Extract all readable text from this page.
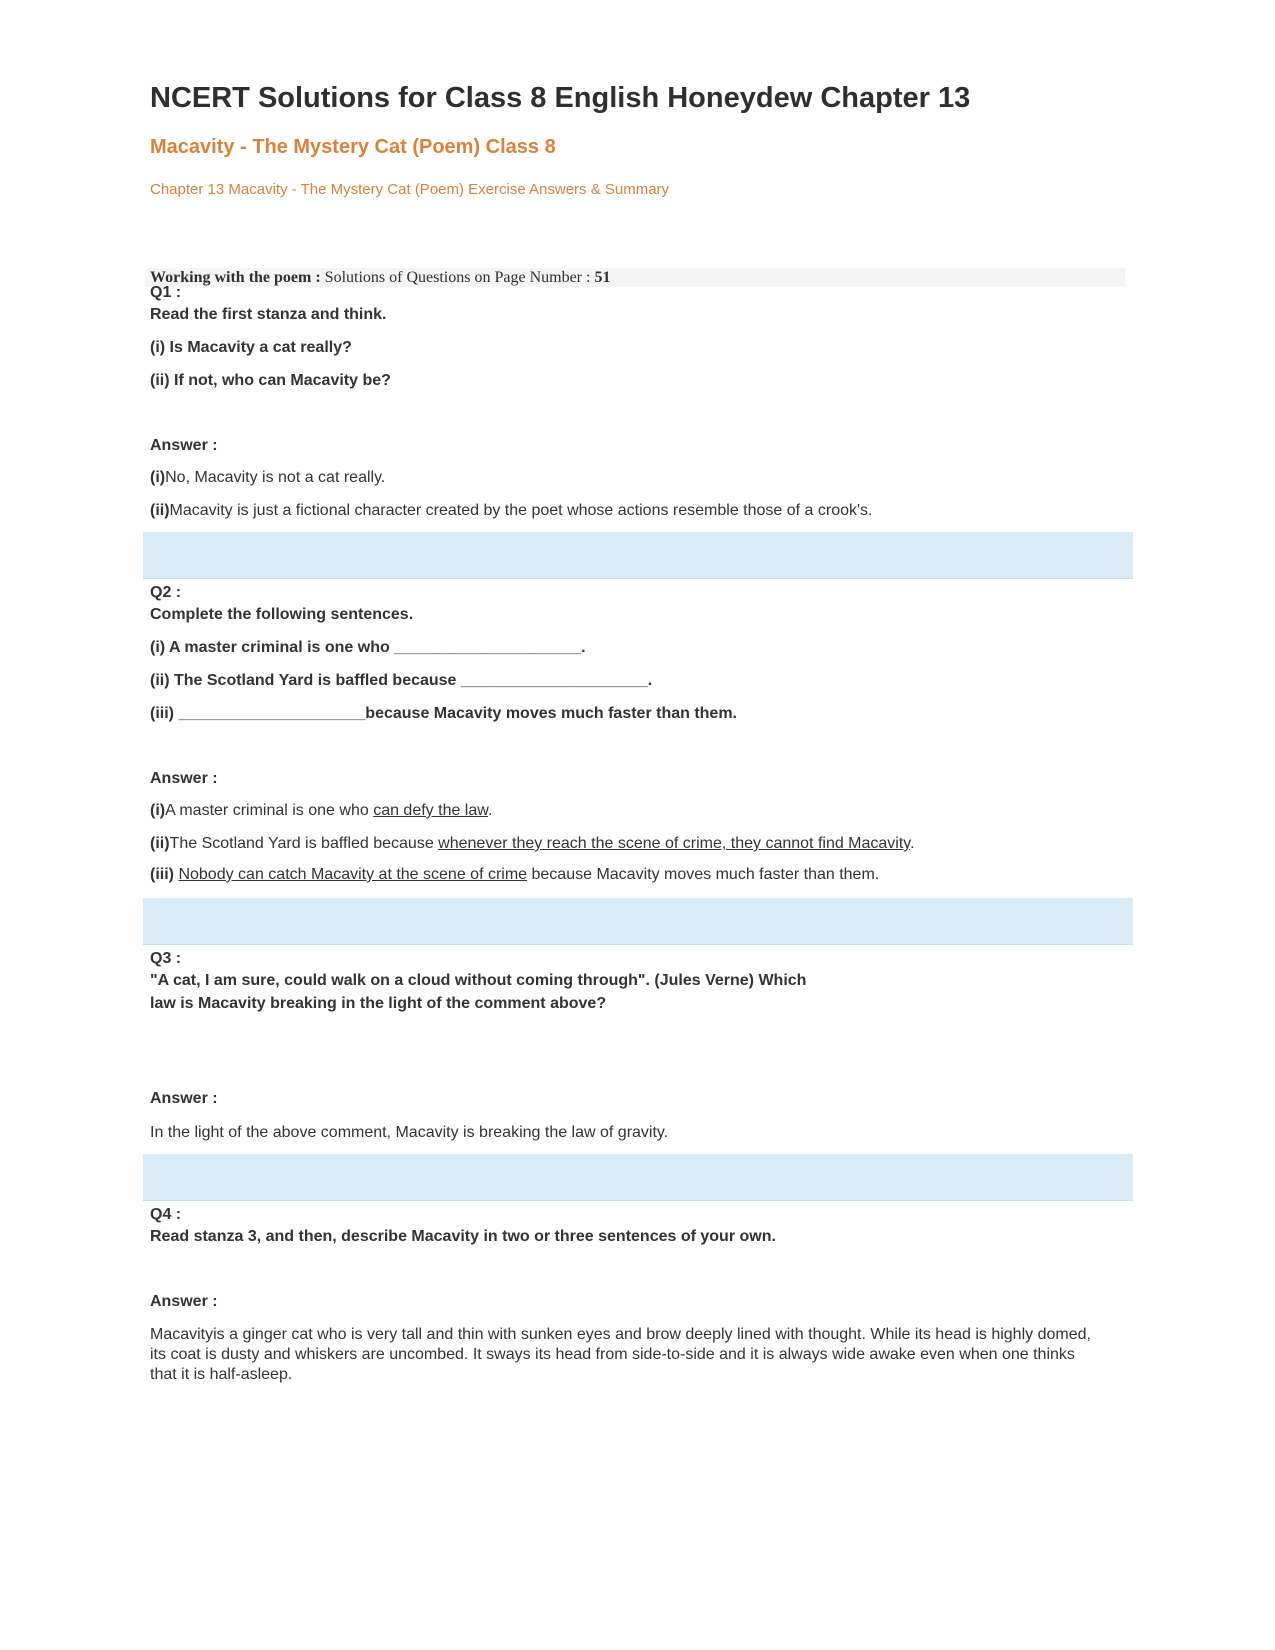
NCERT Solutions for Class 8 English Honeydew Chapter 13
Macavity - The Mystery Cat (Poem) Class 8
Chapter 13 Macavity - The Mystery Cat (Poem) Exercise Answers & Summary
Working with the poem : Solutions of Questions on Page Number : 51
Q1 :
Read the first stanza and think.
(i) Is Macavity a cat really?
(ii) If not, who can Macavity be?
Answer :
(i)No, Macavity is not a cat really.
(ii)Macavity is just a fictional character created by the poet whose actions resemble those of a crook's.
Q2 :
Complete the following sentences.
(i) A master criminal is one who _____________________.
(ii) The Scotland Yard is baffled because _____________________.
(iii) _____________________because Macavity moves much faster than them.
Answer :
(i)A master criminal is one who can defy the law.
(ii)The Scotland Yard is baffled because whenever they reach the scene of crime, they cannot find Macavity.
(iii) Nobody can catch Macavity at the scene of crime because Macavity moves much faster than them.
Q3 :
"A cat, I am sure, could walk on a cloud without coming through". (Jules Verne) Which
law is Macavity breaking in the light of the comment above?
Answer :
In the light of the above comment, Macavity is breaking the law of gravity.
Q4 :
Read stanza 3, and then, describe Macavity in two or three sentences of your own.
Answer :
Macavityis a ginger cat who is very tall and thin with sunken eyes and brow deeply lined with thought. While its head is highly domed, its coat is dusty and whiskers are uncombed. It sways its head from side-to-side and it is always wide awake even when one thinks that it is half-asleep.
